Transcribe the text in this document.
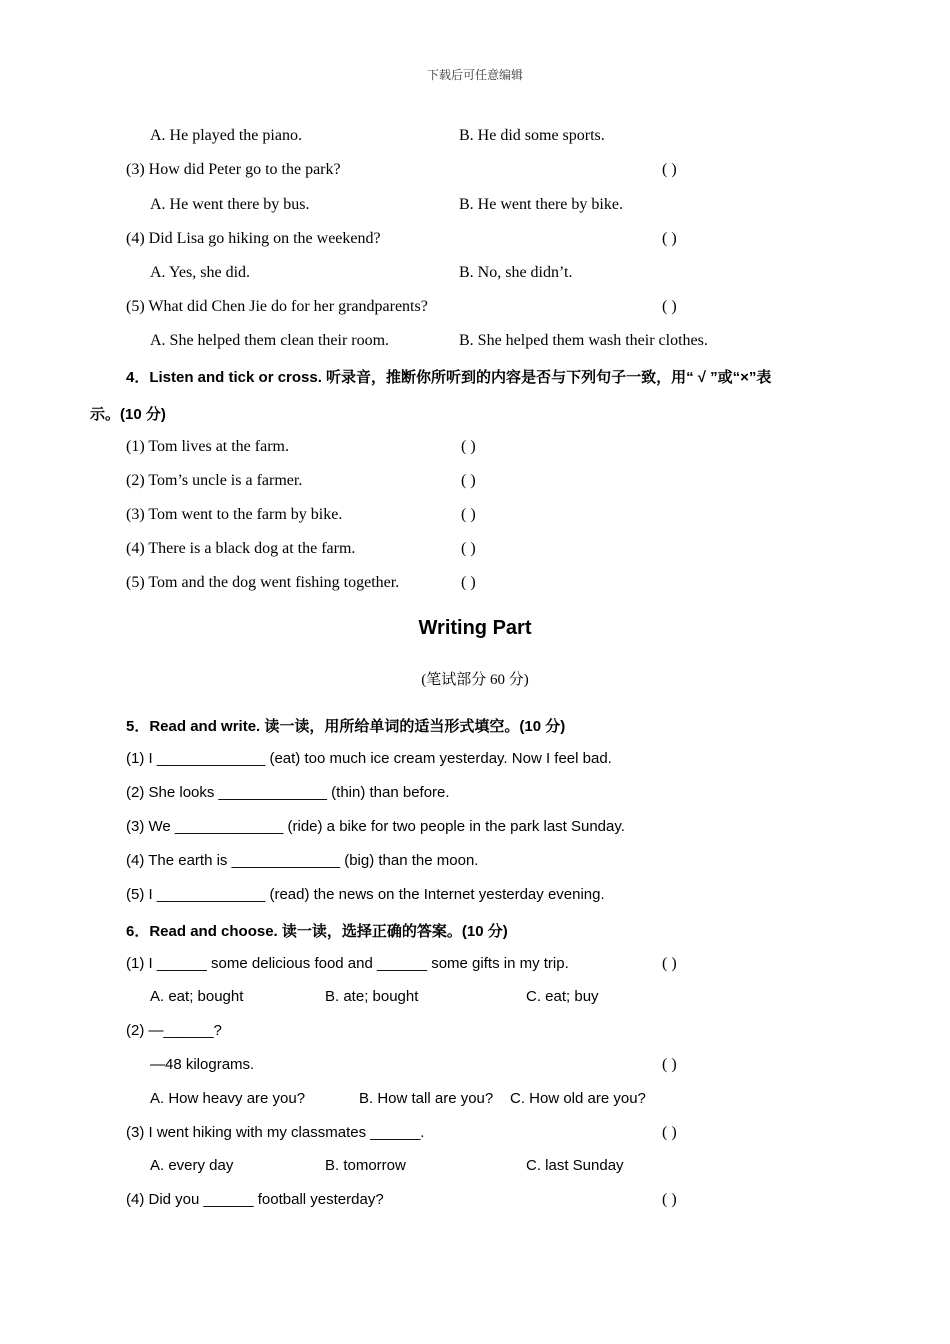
下载后可任意编辑
A. He played the piano.	B. He did some sports.
(3) How did Peter go to the park?	( )
A. He went there by bus.	B. He went there by bike.
(4) Did Lisa go hiking on the weekend?	( )
A. Yes, she did.	B. No, she didn’t.
(5) What did Chen Jie do for her grandparents?	( )
A. She helped them clean their room.	B. She helped them wash their clothes.
4．Listen and tick or cross. 听录音，推断你所听到的内容是否与下列句子一致，用“ √ ”或“×”表
示。(10 分)
(1) Tom lives at the farm.	( )
(2) Tom’s uncle is a farmer.	( )
(3) Tom went to the farm by bike.	( )
(4) There is a black dog at the farm.	( )
(5) Tom and the dog went fishing together.	( )
Writing Part
(笔试部分 60 分)
5．Read and write. 读一读，用所给单词的适当形式填空。(10 分)
(1) I _____________ (eat) too much ice cream yesterday. Now I feel bad.
(2) She looks _____________ (thin) than before.
(3) We _____________ (ride) a bike for two people in the park last Sunday.
(4) The earth is _____________ (big) than the moon.
(5) I _____________ (read) the news on the Internet yesterday evening.
6．Read and choose. 读一读，选择正确的答案。(10 分)
(1) I ______ some delicious food and ______ some gifts in my trip.	( )
A. eat; bought	B. ate; bought	C. eat; buy
(2) —______?
—48 kilograms.	( )
A. How heavy are you?	B. How tall are you? C. How old are you?
(3) I went hiking with my classmates ______.	( )
A. every day	B. tomorrow	C. last Sunday
(4) Did you ______ football yesterday?	( )
